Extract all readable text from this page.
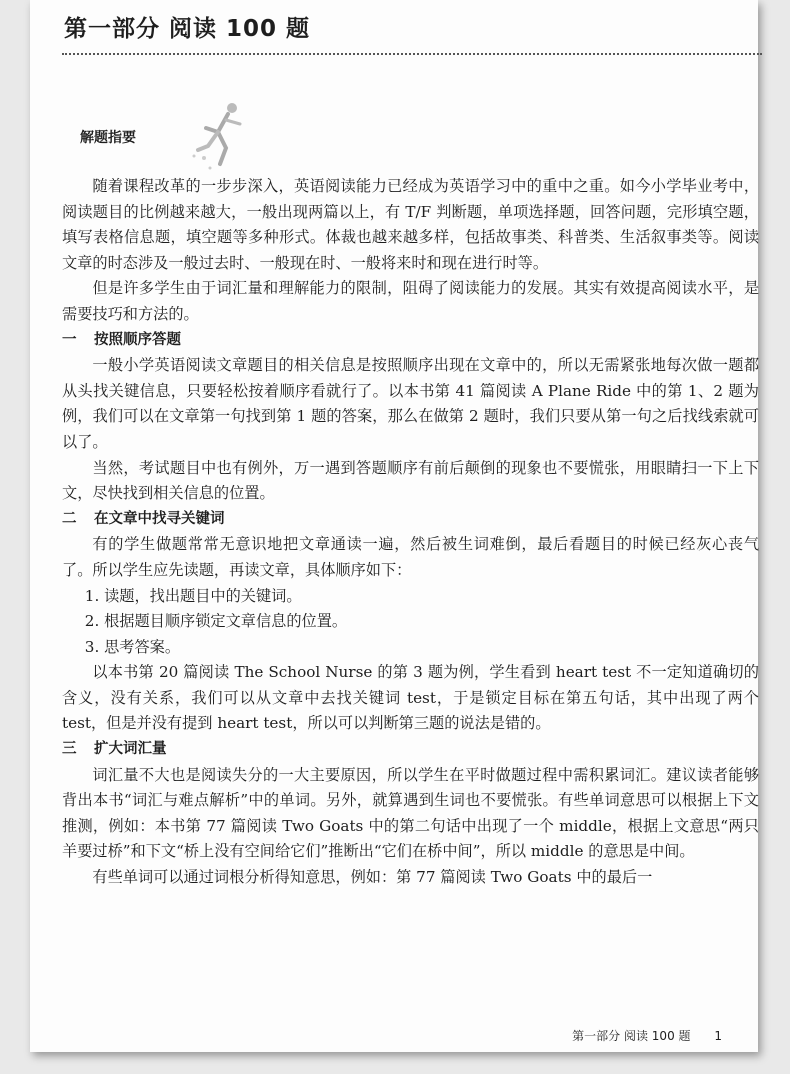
第一部分 阅读 100 题
解题指要

随着课程改革的一步步深入，英语阅读能力已经成为英语学习中的重中之重。如今小学毕业考中，阅读题目的比例越来越大，一般出现两篇以上，有 T/F 判断题，单项选择题，回答问题，完形填空题，填写表格信息题，填空题等多种形式。体裁也越来越多样，包括故事类、科普类、生活叙事类等。阅读文章的时态涉及一般过去时、一般现在时、一般将来时和现在进行时等。

但是许多学生由于词汇量和理解能力的限制，阻碍了阅读能力的发展。其实有效提高阅读水平，是需要技巧和方法的。

一	按照顺序答题

一般小学英语阅读文章题目的相关信息是按照顺序出现在文章中的，所以无需紧张地每次做一题都从头找关键信息，只要轻松按着顺序看就行了。以本书第 41 篇阅读 A Plane Ride 中的第 1、2 题为例，我们可以在文章第一句找到第 1 题的答案，那么在做第 2 题时，我们只要从第一句之后找线索就可以了。

当然，考试题目中也有例外，万一遇到答题顺序有前后颠倒的现象也不要慌张，用眼睛扫一下上下文，尽快找到相关信息的位置。

二	在文章中找寻关键词

有的学生做题常常无意识地把文章通读一遍，然后被生词难倒，最后看题目的时候已经灰心丧气了。所以学生应先读题，再读文章，具体顺序如下：

1. 读题，找出题目中的关键词。

2. 根据题目顺序锁定文章信息的位置。

3. 思考答案。

以本书第 20 篇阅读 The School Nurse 的第 3 题为例，学生看到 heart test 不一定知道确切的含义，没有关系，我们可以从文章中去找关键词 test，于是锁定目标在第五句话，其中出现了两个 test，但是并没有提到 heart test，所以可以判断第三题的说法是错的。

三	扩大词汇量

词汇量不大也是阅读失分的一大主要原因，所以学生在平时做题过程中需积累词汇。建议读者能够背出本书“词汇与难点解析”中的单词。另外，就算遇到生词也不要慌张。有些单词意思可以根据上下文推测，例如：本书第 77 篇阅读 Two Goats 中的第二句话中出现了一个 middle，根据上文意思“两只羊要过桥”和下文“桥上没有空间给它们”推断出“它们在桥中间”，所以 middle 的意思是中间。

有些单词可以通过词根分析得知意思，例如：第 77 篇阅读 Two Goats 中的最后一

第一部分 阅读 100 题 1
